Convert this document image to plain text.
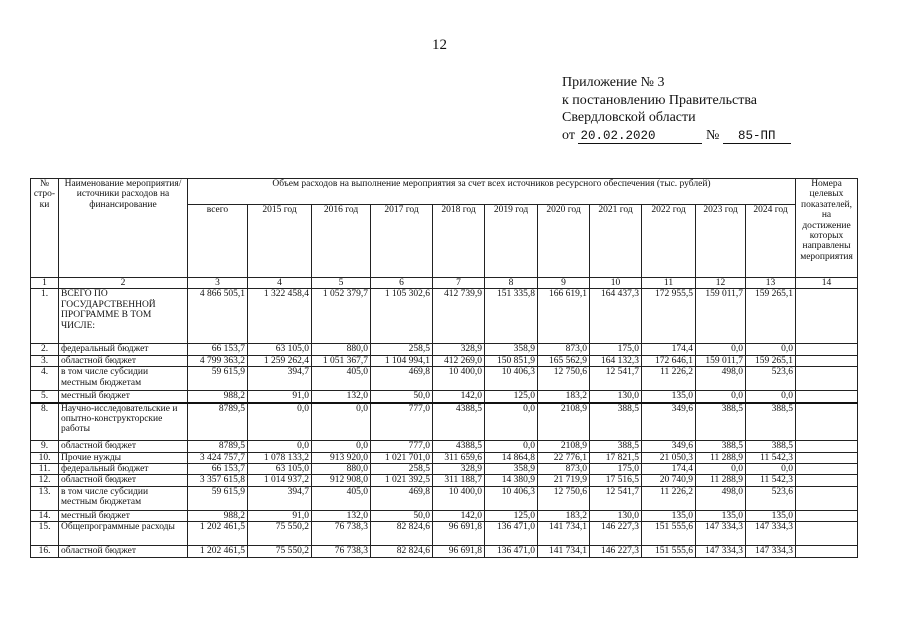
12
Приложение № 3
к постановлению Правительства
Свердловской области
от 20.02.2020	№ 85-ПП
№ стро-ки	Наименование мероприятия/ источники расходов на финансирование	Объем расходов на выполнение мероприятия за счет всех источников ресурсного обеспечения (тыс. рублей)											Номера целевых показателей, на достижение которых направлены мероприятия
		всего	2015 год	2016 год	2017 год	2018 год	2019 год	2020 год	2021 год	2022 год	2023 год	2024 год	
1	2	3	4	5	6	7	8	9	10	11	12	13	14
1.	ВСЕГО ПО ГОСУДАРСТВЕННОЙ ПРОГРАММЕ В ТОМ ЧИСЛЕ:	4 866 505,1	1 322 458,4	1 052 379,7	1 105 302,6	412 739,9	151 335,8	166 619,1	164 437,3	172 955,5	159 011,7	159 265,1	
2.	федеральный бюджет	66 153,7	63 105,0	880,0	258,5	328,9	358,9	873,0	175,0	174,4	0,0	0,0	
3.	областной бюджет	4 799 363,2	1 259 262,4	1 051 367,7	1 104 994,1	412 269,0	150 851,9	165 562,9	164 132,3	172 646,1	159 011,7	159 265,1	
4.	в том числе субсидии местным бюджетам	59 615,9	394,7	405,0	469,8	10 400,0	10 406,3	12 750,6	12 541,7	11 226,2	498,0	523,6	
5.	местный бюджет	988,2	91,0	132,0	50,0	142,0	125,0	183,2	130,0	135,0	0,0	0,0	
8.	Научно-исследовательские и опытно-конструкторские работы	8789,5	0,0	0,0	777,0	4388,5	0,0	2108,9	388,5	349,6	388,5	388,5	
9.	областной бюджет	8789,5	0,0	0,0	777,0	4388,5	0,0	2108,9	388,5	349,6	388,5	388,5	
10.	Прочие нужды	3 424 757,7	1 078 133,2	913 920,0	1 021 701,0	311 659,6	14 864,8	22 776,1	17 821,5	21 050,3	11 288,9	11 542,3	
11.	федеральный бюджет	66 153,7	63 105,0	880,0	258,5	328,9	358,9	873,0	175,0	174,4	0,0	0,0	
12.	областной бюджет	3 357 615,8	1 014 937,2	912 908,0	1 021 392,5	311 188,7	14 380,9	21 719,9	17 516,5	20 740,9	11 288,9	11 542,3	
13.	в том числе субсидии местным бюджетам	59 615,9	394,7	405,0	469,8	10 400,0	10 406,3	12 750,6	12 541,7	11 226,2	498,0	523,6	
14.	местный бюджет	988,2	91,0	132,0	50,0	142,0	125,0	183,2	130,0	135,0	135,0	135,0	
15.	Общепрограммные расходы	1 202 461,5	75 550,2	76 738,3	82 824,6	96 691,8	136 471,0	141 734,1	146 227,3	151 555,6	147 334,3	147 334,3	
16.	областной бюджет	1 202 461,5	75 550,2	76 738,3	82 824,6	96 691,8	136 471,0	141 734,1	146 227,3	151 555,6	147 334,3	147 334,3	
